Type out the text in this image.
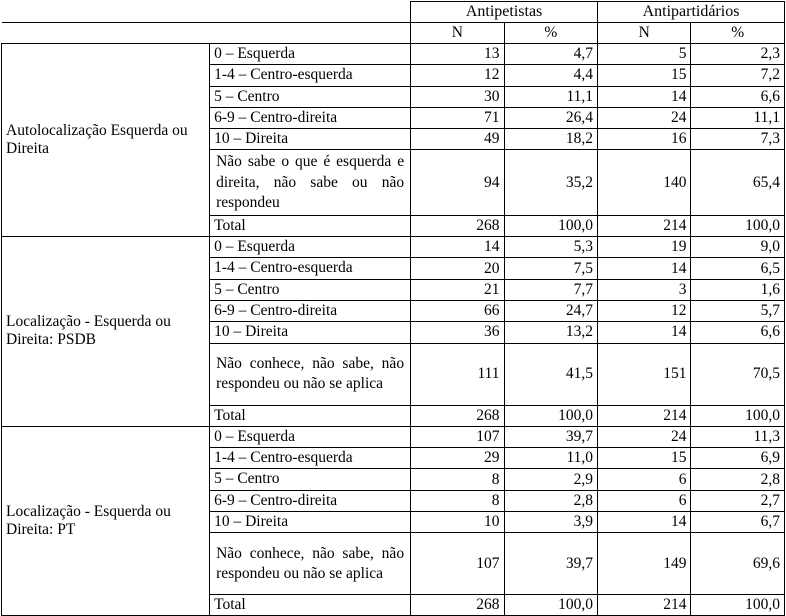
		Antipetistas		Antipartidários	
		N	%	N	%
Autolocalização Esquerda ou Direita	0 – Esquerda	13	4,7	5	2,3
	1-4 – Centro-esquerda	12	4,4	15	7,2
	5 – Centro	30	11,1	14	6,6
	6-9 – Centro-direita	71	26,4	24	11,1
	10 – Direita	49	18,2	16	7,3
	Não sabe o que é esquerda e direita, não sabe ou não respondeu	94	35,2	140	65,4
	Total	268	100,0	214	100,0
Localização - Esquerda ou Direita: PSDB	0 – Esquerda	14	5,3	19	9,0
	1-4 – Centro-esquerda	20	7,5	14	6,5
	5 – Centro	21	7,7	3	1,6
	6-9 – Centro-direita	66	24,7	12	5,7
	10 – Direita	36	13,2	14	6,6
	Não conhece, não sabe, não respondeu ou não se aplica	111	41,5	151	70,5
	Total	268	100,0	214	100,0
Localização - Esquerda ou Direita: PT	0 – Esquerda	107	39,7	24	11,3
	1-4 – Centro-esquerda	29	11,0	15	6,9
	5 – Centro	8	2,9	6	2,8
	6-9 – Centro-direita	8	2,8	6	2,7
	10 – Direita	10	3,9	14	6,7
	Não conhece, não sabe, não respondeu ou não se aplica	107	39,7	149	69,6
	Total	268	100,0	214	100,0
